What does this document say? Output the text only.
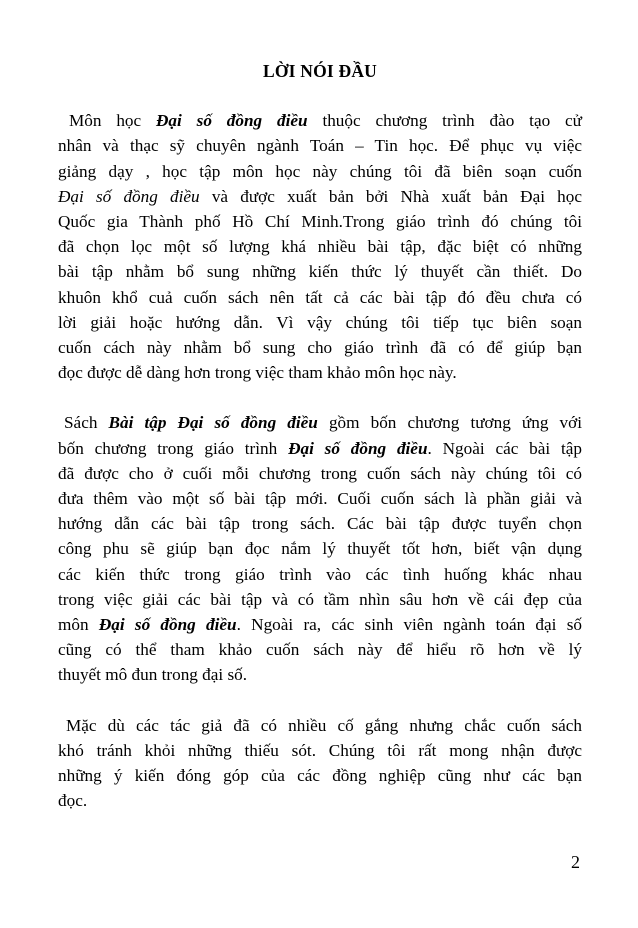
LỜI NÓI ĐẦU
Môn học Đại số đồng điều thuộc chương trình đào tạo cử
nhân và thạc sỹ chuyên ngành Toán – Tin học. Để phục vụ việc
giảng dạy , học tập môn học này chúng tôi đã biên soạn cuốn
Đại số đồng điều và được xuất bản bởi Nhà xuất bản Đại học
Quốc gia Thành phố Hồ Chí Minh.Trong giáo trình đó chúng tôi
đã chọn lọc một số lượng khá nhiều bài tập, đặc biệt có những
bài tập nhằm bổ sung những kiến thức lý thuyết cần thiết. Do
khuôn khổ cuả cuốn sách nên tất cả các bài tập đó đều chưa có
lời giải hoặc hướng dẫn. Vì vậy chúng tôi tiếp tục biên soạn
cuốn cách này nhằm bổ sung cho giáo trình đã có để giúp bạn
đọc được dễ dàng hơn trong việc tham khảo môn học này.
Sách Bài tập Đại số đồng điều gồm bốn chương tương ứng với
bốn chương trong giáo trình Đại số đồng điều. Ngoài các bài tập
đã được cho ở cuối mỗi chương trong cuốn sách này chúng tôi có
đưa thêm vào một số bài tập mới. Cuối cuốn sách là phần giải và
hướng dẫn các bài tập trong sách. Các bài tập được tuyển chọn
công phu sẽ giúp bạn đọc nắm lý thuyết tốt hơn, biết vận dụng
các kiến thức trong giáo trình vào các tình huống khác nhau
trong việc giải các bài tập và có tầm nhìn sâu hơn về cái đẹp của
môn Đại số đồng điều. Ngoài ra, các sinh viên ngành toán đại số
cũng có thể tham khảo cuốn sách này để hiểu rõ hơn về lý
thuyết mô đun trong đại số.
Mặc dù các tác giả đã có nhiều cố gắng nhưng chắc cuốn sách
khó tránh khỏi những thiếu sót. Chúng tôi rất mong nhận được
những ý kiến đóng góp của các đồng nghiệp cũng như các bạn
đọc.
2
